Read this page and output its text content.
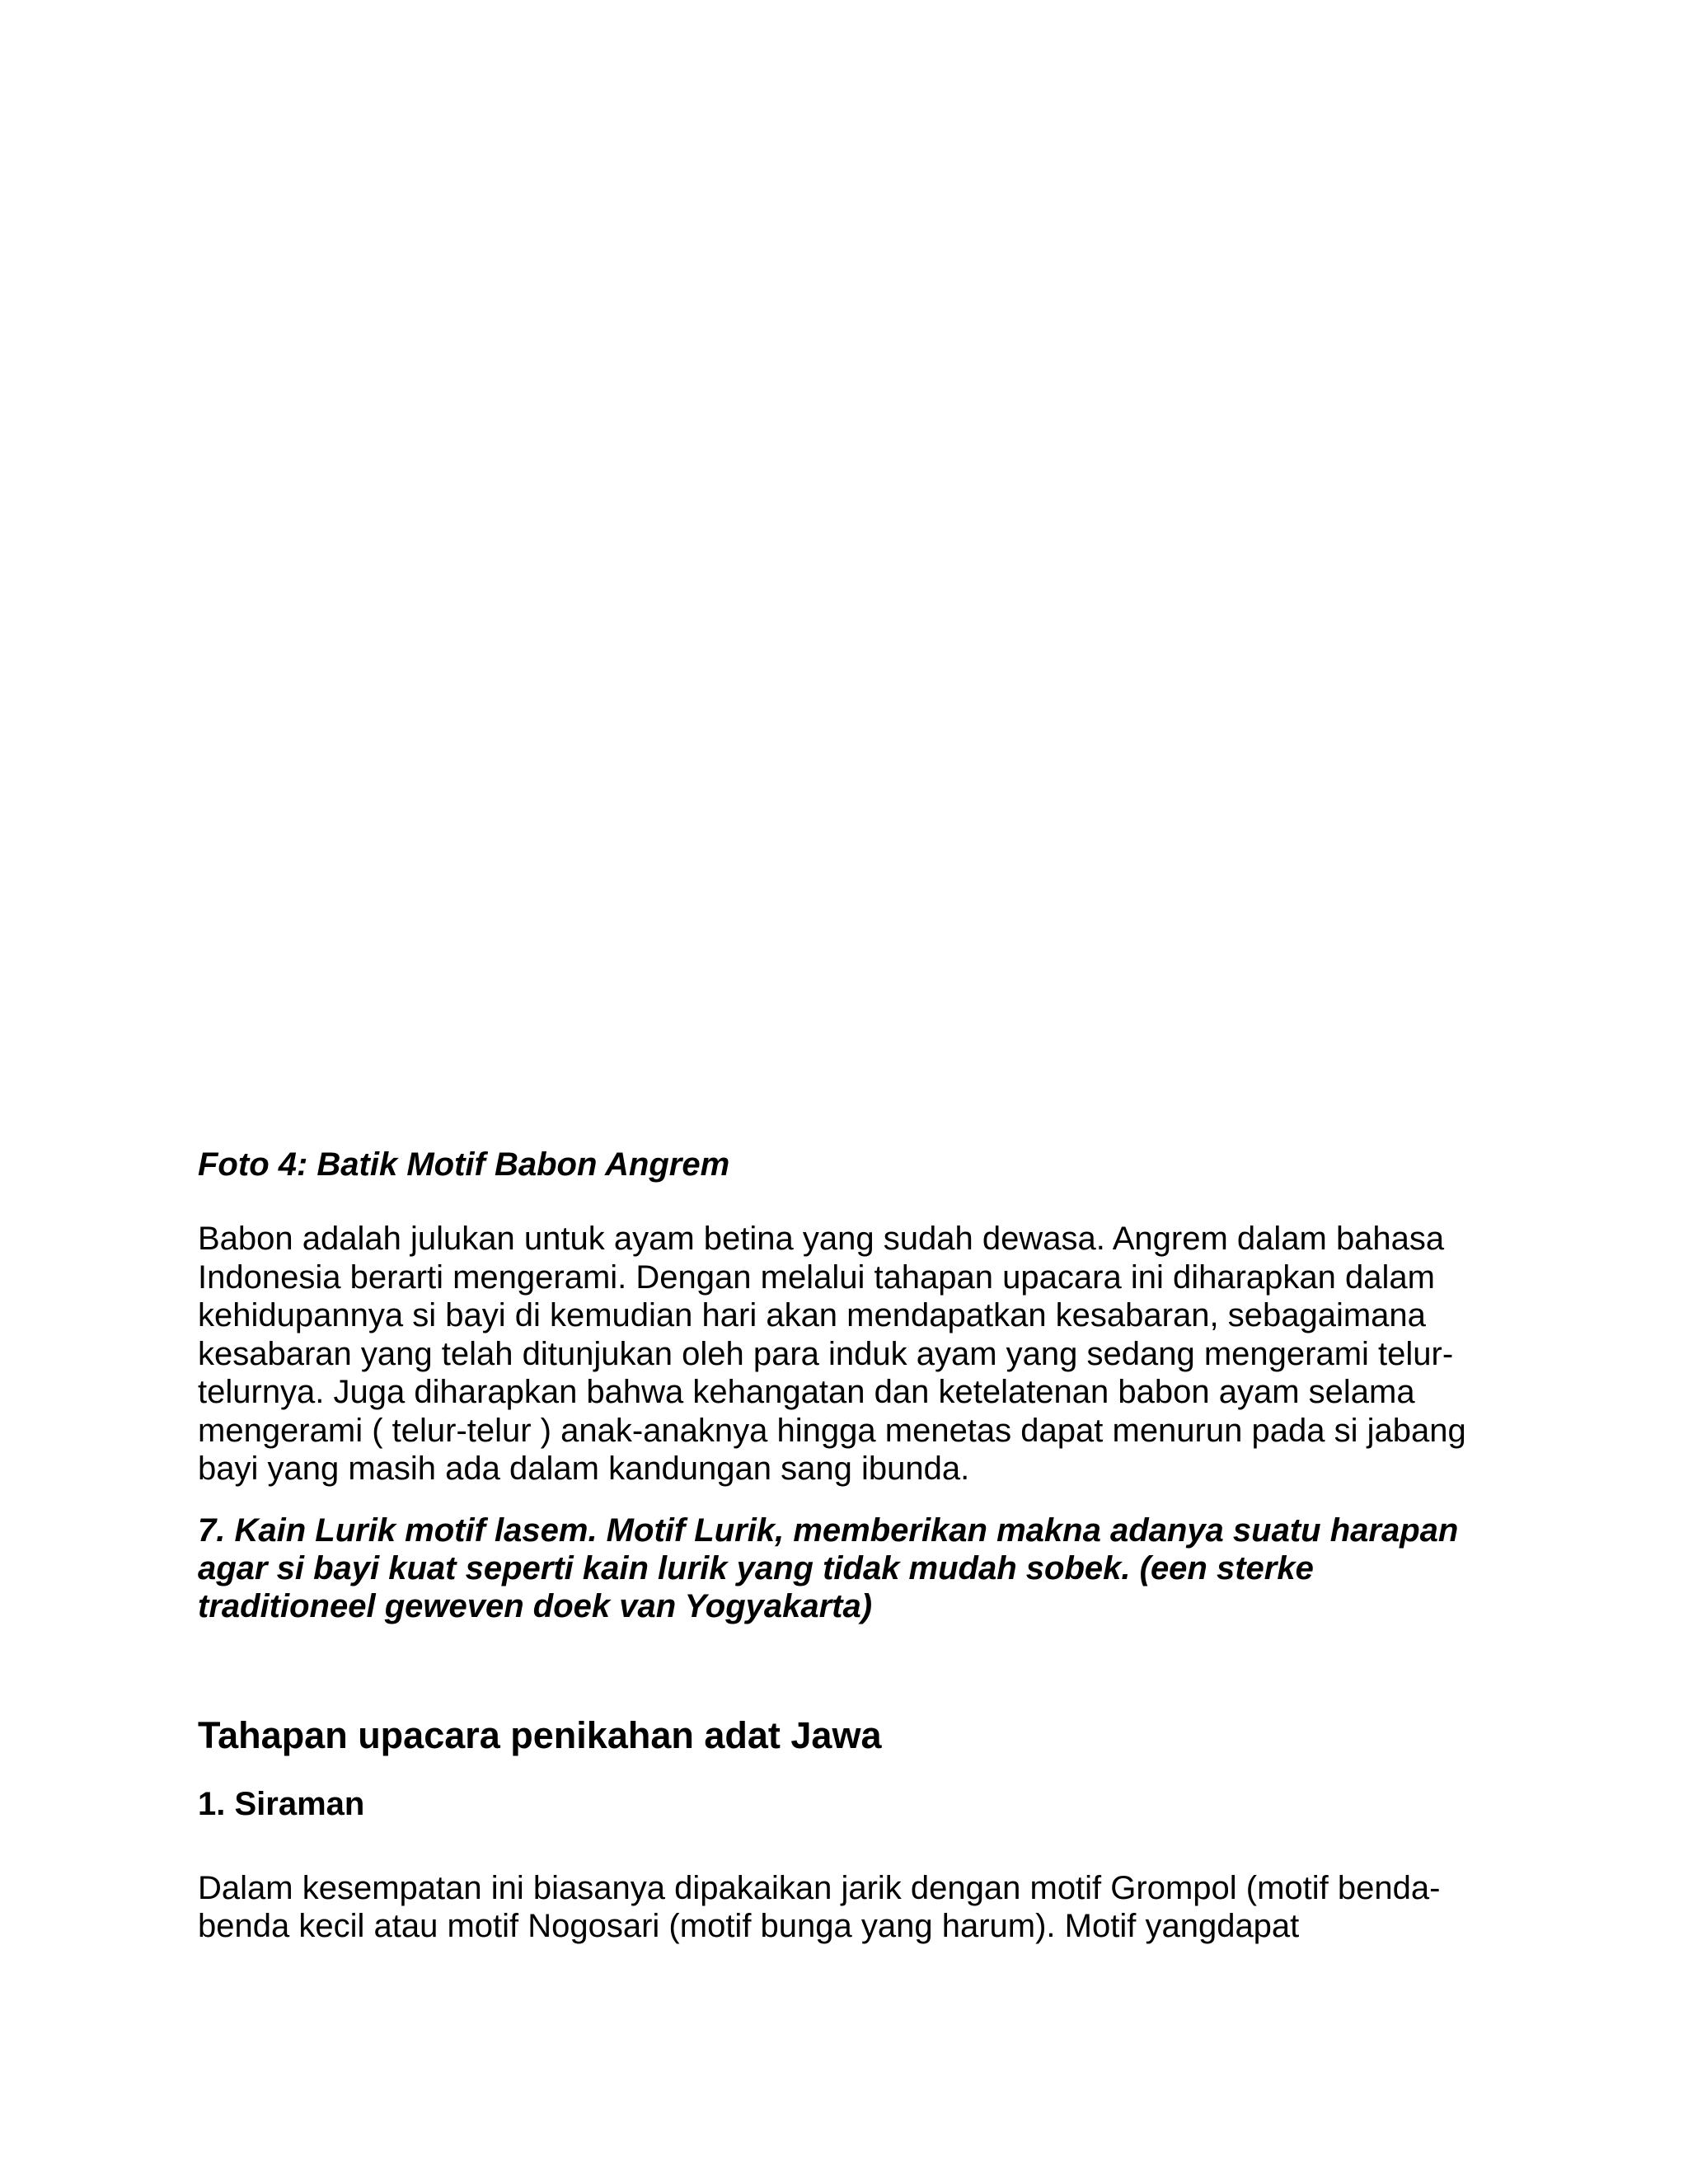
Foto 4: Batik Motif Babon Angrem

Babon adalah julukan untuk ayam betina yang sudah dewasa. Angrem dalam bahasa
Indonesia berarti mengerami. Dengan melalui tahapan upacara ini diharapkan dalam
kehidupannya si bayi di kemudian hari akan mendapatkan kesabaran, sebagaimana
kesabaran yang telah ditunjukan oleh para induk ayam yang sedang mengerami telur-
telurnya. Juga diharapkan bahwa kehangatan dan ketelatenan babon ayam selama
mengerami ( telur-telur ) anak-anaknya hingga menetas dapat menurun pada si jabang
bayi yang masih ada dalam kandungan sang ibunda.

7. Kain Lurik motif lasem. Motif Lurik, memberikan makna adanya suatu harapan
agar si bayi kuat seperti kain lurik yang tidak mudah sobek. (een sterke
traditioneel geweven doek van Yogyakarta)

Tahapan upacara penikahan adat Jawa
1. Siraman

Dalam kesempatan ini biasanya dipakaikan jarik dengan motif Grompol (motif benda-
benda kecil atau motif Nogosari (motif bunga yang harum). Motif yangdapat
